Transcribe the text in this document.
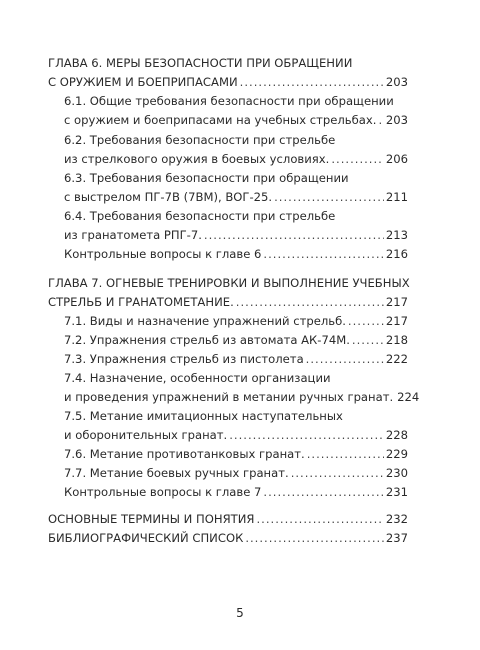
ГЛАВА 6. МЕРЫ БЕЗОПАСНОСТИ ПРИ ОБРАЩЕНИИ
С ОРУЖИЕМ И БОЕПРИПАСАМИ .....	203
6.1. Общие требования безопасности при обращении
с оружием и боеприпасами на учебных стрельбах. ..... 203
6.2. Требования безопасности при стрельбе
из стрелкового оружия в боевых условиях. .....	206
6.3. Требования безопасности при обращении
с выстрелом ПГ-7В (7ВМ), ВОГ-25. .....	211
6.4. Требования безопасности при стрельбе
из гранатомета РПГ-7. .....	213
Контрольные вопросы к главе 6 .....	216
ГЛАВА 7. ОГНЕВЫЕ ТРЕНИРОВКИ И ВЫПОЛНЕНИЕ УЧЕБНЫХ
СТРЕЛЬБ И ГРАНАТОМЕТАНИЕ. .....	217
7.1. Виды и назначение упражнений стрельб. .....	217
7.2. Упражнения стрельб из автомата АК-74М. .....	218
7.3. Упражнения стрельб из пистолета .....	222
7.4. Назначение, особенности организации
и проведения упражнений в метании ручных гранат. 224
7.5. Метание имитационных наступательных
и оборонительных гранат. .....	228
7.6. Метание противотанковых гранат. .....	229
7.7. Метание боевых ручных гранат. .....	230
Контрольные вопросы к главе 7 .....	231
ОСНОВНЫЕ ТЕРМИНЫ И ПОНЯТИЯ .....	232
БИБЛИОГРАФИЧЕСКИЙ СПИСОК .....	237
5
